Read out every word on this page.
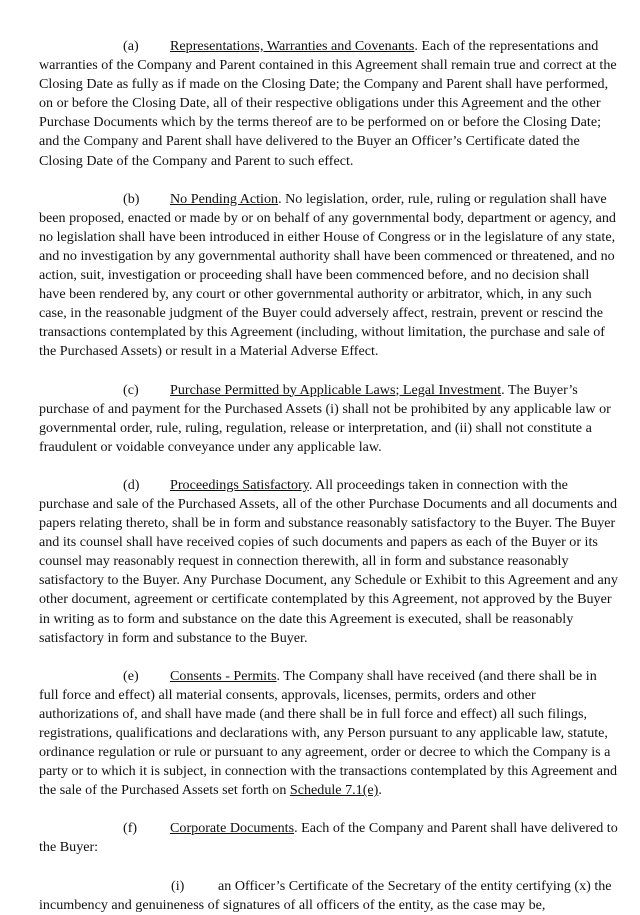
(a) Representations, Warranties and Covenants. Each of the representations and warranties of the Company and Parent contained in this Agreement shall remain true and correct at the Closing Date as fully as if made on the Closing Date; the Company and Parent shall have performed, on or before the Closing Date, all of their respective obligations under this Agreement and the other Purchase Documents which by the terms thereof are to be performed on or before the Closing Date; and the Company and Parent shall have delivered to the Buyer an Officer’s Certificate dated the Closing Date of the Company and Parent to such effect.

(b) No Pending Action. No legislation, order, rule, ruling or regulation shall have been proposed, enacted or made by or on behalf of any governmental body, department or agency, and no legislation shall have been introduced in either House of Congress or in the legislature of any state, and no investigation by any governmental authority shall have been commenced or threatened, and no action, suit, investigation or proceeding shall have been commenced before, and no decision shall have been rendered by, any court or other governmental authority or arbitrator, which, in any such case, in the reasonable judgment of the Buyer could adversely affect, restrain, prevent or rescind the transactions contemplated by this Agreement (including, without limitation, the purchase and sale of the Purchased Assets) or result in a Material Adverse Effect.

(c) Purchase Permitted by Applicable Laws; Legal Investment. The Buyer’s purchase of and payment for the Purchased Assets (i) shall not be prohibited by any applicable law or governmental order, rule, ruling, regulation, release or interpretation, and (ii) shall not constitute a fraudulent or voidable conveyance under any applicable law.

(d) Proceedings Satisfactory. All proceedings taken in connection with the purchase and sale of the Purchased Assets, all of the other Purchase Documents and all documents and papers relating thereto, shall be in form and substance reasonably satisfactory to the Buyer. The Buyer and its counsel shall have received copies of such documents and papers as each of the Buyer or its counsel may reasonably request in connection therewith, all in form and substance reasonably satisfactory to the Buyer. Any Purchase Document, any Schedule or Exhibit to this Agreement and any other document, agreement or certificate contemplated by this Agreement, not approved by the Buyer in writing as to form and substance on the date this Agreement is executed, shall be reasonably satisfactory in form and substance to the Buyer.

(e) Consents - Permits. The Company shall have received (and there shall be in full force and effect) all material consents, approvals, licenses, permits, orders and other authorizations of, and shall have made (and there shall be in full force and effect) all such filings, registrations, qualifications and declarations with, any Person pursuant to any applicable law, statute, ordinance regulation or rule or pursuant to any agreement, order or decree to which the Company is a party or to which it is subject, in connection with the transactions contemplated by this Agreement and the sale of the Purchased Assets set forth on Schedule 7.1(e).

(f) Corporate Documents. Each of the Company and Parent shall have delivered to the Buyer:

(i) an Officer’s Certificate of the Secretary of the entity certifying (x) the incumbency and genuineness of signatures of all officers of the entity, as the case may be,
